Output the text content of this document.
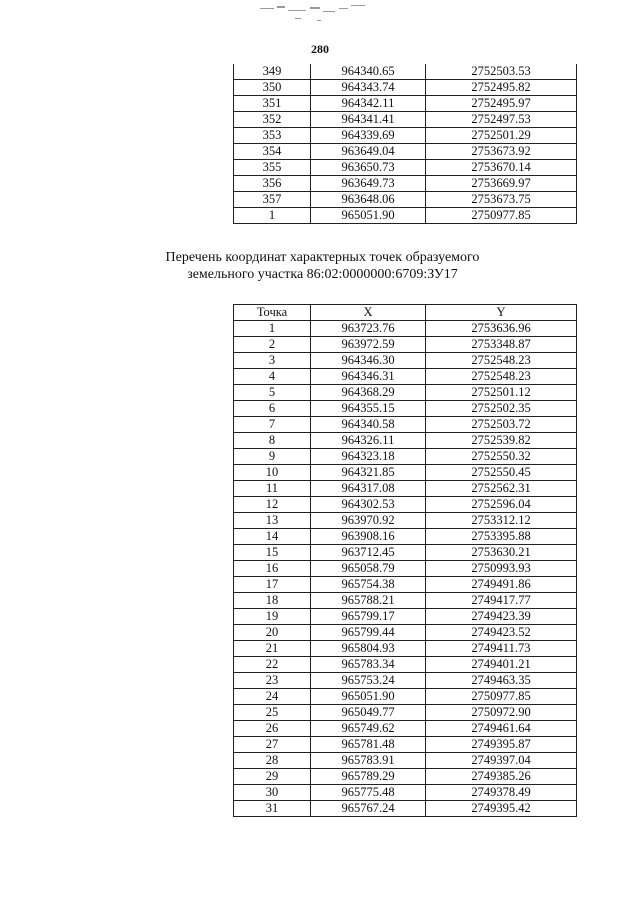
280
349	964340.65	2752503.53
350	964343.74	2752495.82
351	964342.11	2752495.97
352	964341.41	2752497.53
353	964339.69	2752501.29
354	963649.04	2753673.92
355	963650.73	2753670.14
356	963649.73	2753669.97
357	963648.06	2753673.75
1	965051.90	2750977.85
Перечень координат характерных точек образуемого
земельного участка 86:02:0000000:6709:ЗУ17
Точка	X	Y
1	963723.76	2753636.96
2	963972.59	2753348.87
3	964346.30	2752548.23
4	964346.31	2752548.23
5	964368.29	2752501.12
6	964355.15	2752502.35
7	964340.58	2752503.72
8	964326.11	2752539.82
9	964323.18	2752550.32
10	964321.85	2752550.45
11	964317.08	2752562.31
12	964302.53	2752596.04
13	963970.92	2753312.12
14	963908.16	2753395.88
15	963712.45	2753630.21
16	965058.79	2750993.93
17	965754.38	2749491.86
18	965788.21	2749417.77
19	965799.17	2749423.39
20	965799.44	2749423.52
21	965804.93	2749411.73
22	965783.34	2749401.21
23	965753.24	2749463.35
24	965051.90	2750977.85
25	965049.77	2750972.90
26	965749.62	2749461.64
27	965781.48	2749395.87
28	965783.91	2749397.04
29	965789.29	2749385.26
30	965775.48	2749378.49
31	965767.24	2749395.42
